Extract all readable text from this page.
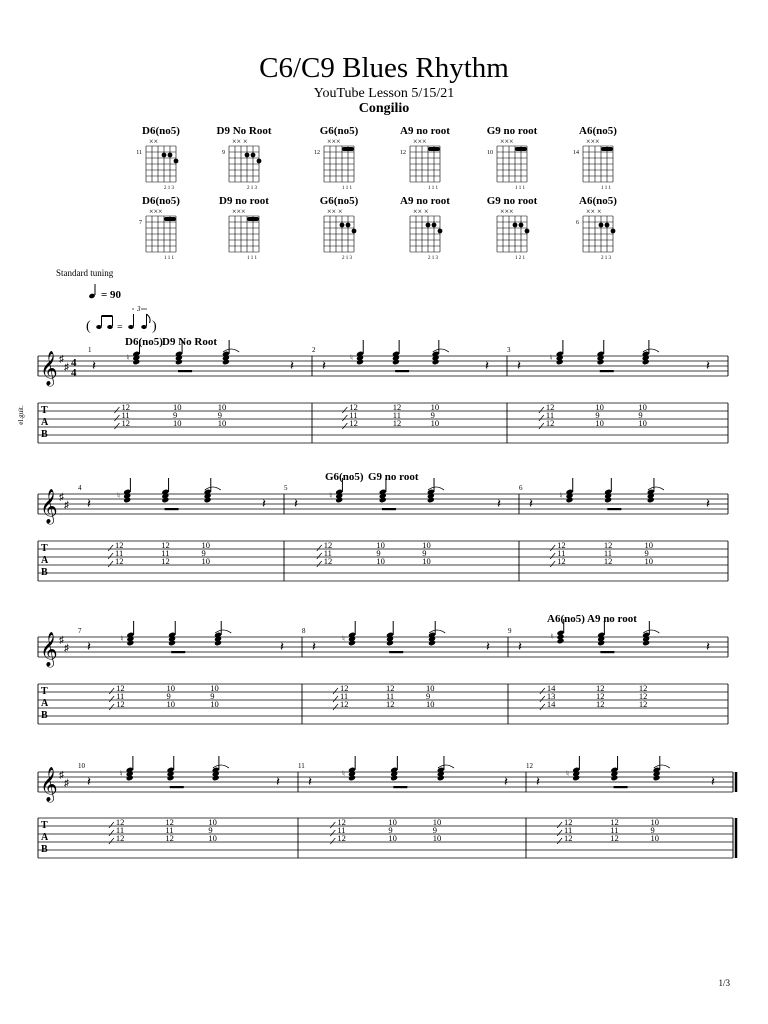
C6/C9 Blues Rhythm
YouTube Lesson 5/15/21
Congilio
D6(no5)
××
11
2 1 3
D9 No Root
×× ×
9
2 1 3
G6(no5)
×××
12
1 1 1
A9 no root
×××
12
1 1 1
G9 no root
×××
10
1 1 1
A6(no5)
×××
14
1 1 1
D6(no5)
×××
7
1 1 1
D9 no root
×××
1 1 1
G6(no5)
×× ×
2 1 3
A9 no root
×× ×
2 1 3
G9 no root
×××
1 2 1
A6(no5)
×× ×
6
2 1 3
Standard tuning
= 90
(	= )
3
𝄞 ♯
♯ 4
4
el.guit. T
A
B
D6(no5) D9 No Root
1
𝄽
♮
𝄽
12
11
12
10
9
10
10
9
10
2
𝄽
♮
𝄽
12
11
12
12
11
12
10
9
10
3
𝄽
♮
𝄽
12
11
12
10
9
10
10
9
10
𝄞 ♯
♯
T
A
B
G6(no5) G9 no root
4
𝄽
♮
𝄽
12
11
12
12
11
12
10
9
10
5
𝄽
♮
𝄽
12
11
12
10
9
10
10
9
10
6
𝄽
♮
𝄽
12
11
12
12
11
12
10
9
10
𝄞 ♯
♯
T
A
B
A6(no5) A9 no root
7
𝄽
♮
𝄽
12
11
12
10
9
10
10
9
10
8
𝄽
♮
𝄽
12
11
12
12
11
12
10
9
10
9
𝄽
♮
𝄽
14
13
14
12
12
12
12
12
12
𝄞 ♯
♯
T
A
B
10
𝄽
♮
𝄽
12
11
12
12
11
12
10
9
10
11
𝄽
♮
𝄽
12
11
12
10
9
10
10
9
10
12
𝄽
♮
𝄽
12
11
12
12
11
12
10
9
10
1/3
